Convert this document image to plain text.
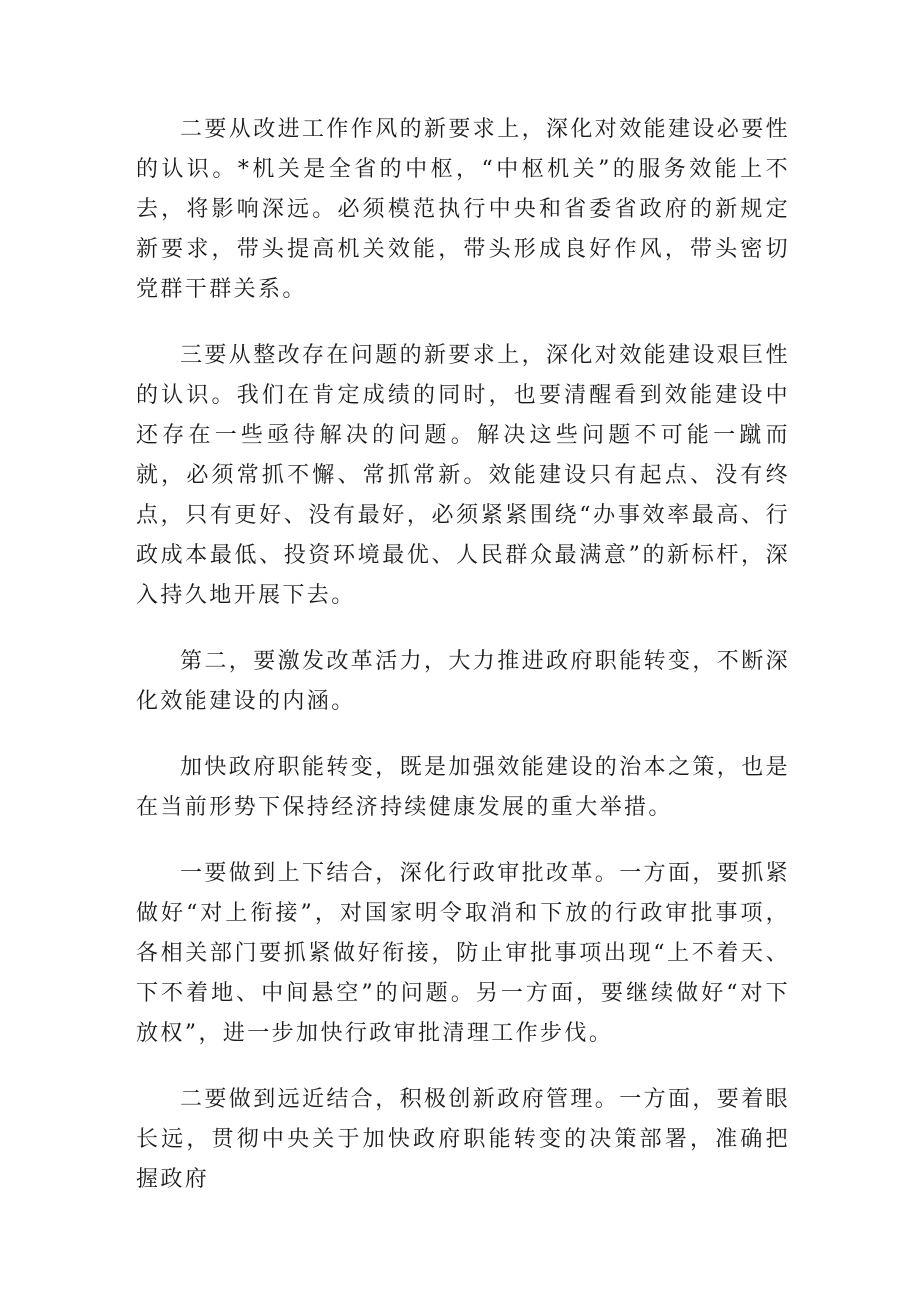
二要从改进工作作风的新要求上，深化对效能建设必要性的认识。*机关是全省的中枢，“中枢机关”的服务效能上不去，将影响深远。必须模范执行中央和省委省政府的新规定新要求，带头提高机关效能，带头形成良好作风，带头密切党群干群关系。

三要从整改存在问题的新要求上，深化对效能建设艰巨性的认识。我们在肯定成绩的同时，也要清醒看到效能建设中还存在一些亟待解决的问题。解决这些问题不可能一蹴而就，必须常抓不懈、常抓常新。效能建设只有起点、没有终点，只有更好、没有最好，必须紧紧围绕“办事效率最高、行政成本最低、投资环境最优、人民群众最满意”的新标杆，深入持久地开展下去。

第二，要激发改革活力，大力推进政府职能转变，不断深化效能建设的内涵。

加快政府职能转变，既是加强效能建设的治本之策，也是在当前形势下保持经济持续健康发展的重大举措。

一要做到上下结合，深化行政审批改革。一方面，要抓紧做好“对上衔接”，对国家明令取消和下放的行政审批事项，各相关部门要抓紧做好衔接，防止审批事项出现“上不着天、下不着地、中间悬空”的问题。另一方面，要继续做好“对下放权”，进一步加快行政审批清理工作步伐。

二要做到远近结合，积极创新政府管理。一方面，要着眼长远，贯彻中央关于加快政府职能转变的决策部署，准确把握政府
